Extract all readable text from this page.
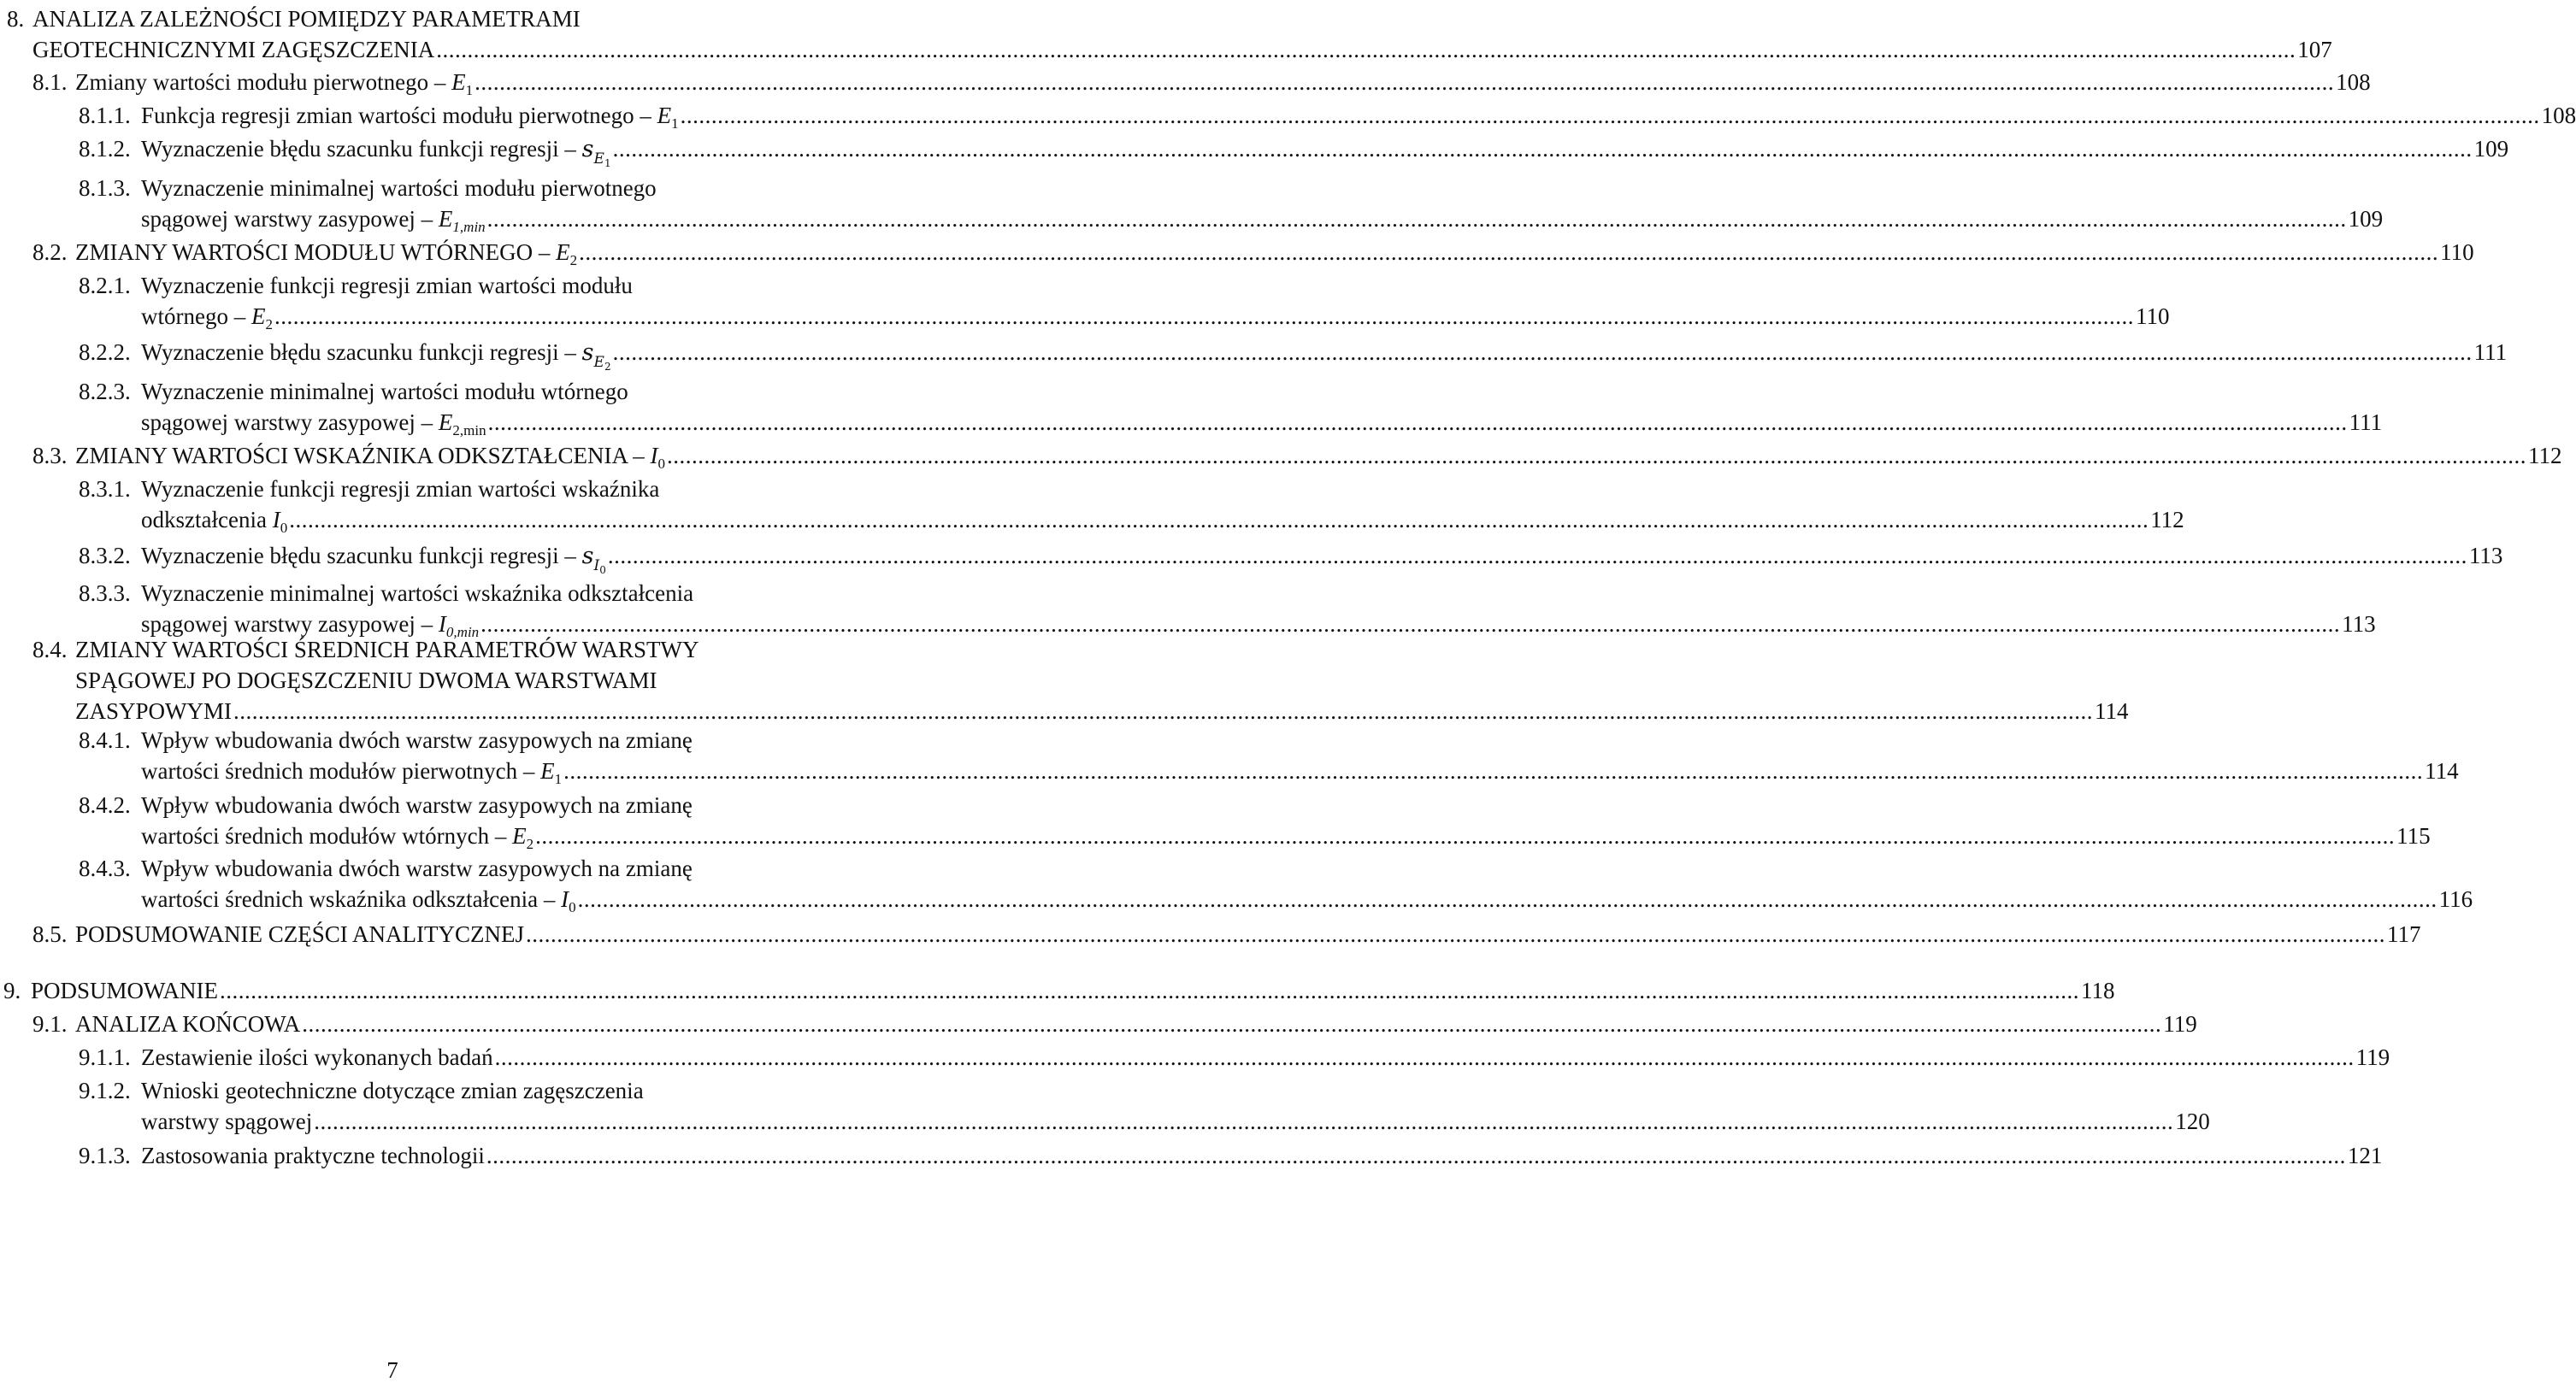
8. ANALIZA ZALEŻNOŚCI POMIĘDZY PARAMETRAMI
GEOTECHNICZNYMI ZAGĘSZCZENIA ............................................................................................................................................................................................................................................................................................................ 107
8.1. Zmiany wartości modułu pierwotnego – $E_1$ ............................................................................................................................................................................................................................................................................................................ 108
8.1.1. Funkcja regresji zmian wartości modułu pierwotnego – $E_1$ ............................................................................................................................................................................................................................................................................................................ 108
8.1.2. Wyznaczenie błędu szacunku funkcji regresji – $s_{E1}$
............................................................................................................................................................................................................................................................................................................ 109
8.1.3. Wyznaczenie minimalnej wartości modułu pierwotnego
spągowej warstwy zasypowej – $E_{1,min}$ ............................................................................................................................................................................................................................................................................................................ 109
8.2. ZMIANY WARTOŚCI MODUŁU WTÓRNEGO – $E_2$ ............................................................................................................................................................................................................................................................................................................ 110
8.2.1. Wyznaczenie funkcji regresji zmian wartości modułu
wtórnego – $E_2$ ............................................................................................................................................................................................................................................................................................................ 110
8.2.2. Wyznaczenie błędu szacunku funkcji regresji – $s_{E2}$
............................................................................................................................................................................................................................................................................................................ 111
8.2.3. Wyznaczenie minimalnej wartości modułu wtórnego
spągowej warstwy zasypowej – $E_{2,min}$ ............................................................................................................................................................................................................................................................................................................ 111
8.3. ZMIANY WARTOŚCI WSKAŹNIKA ODKSZTAŁCENIA – $I_0$ ............................................................................................................................................................................................................................................................................................................ 112
8.3.1. Wyznaczenie funkcji regresji zmian wartości wskaźnika
odkształcenia $I_0$ ............................................................................................................................................................................................................................................................................................................ 112
8.3.2. Wyznaczenie błędu szacunku funkcji regresji – $s_{I0}$
............................................................................................................................................................................................................................................................................................................ 113
8.3.3. Wyznaczenie minimalnej wartości wskaźnika odkształcenia
spągowej warstwy zasypowej – $I_{0,min}$ ............................................................................................................................................................................................................................................................................................................ 113
8.4. ZMIANY WARTOŚCI ŚREDNICH PARAMETRÓW WARSTWY
SPĄGOWEJ PO DOGĘSZCZENIU DWOMA WARSTWAMI
ZASYPOWYMI ............................................................................................................................................................................................................................................................................................................ 114
8.4.1. Wpływ wbudowania dwóch warstw zasypowych na zmianę
wartości średnich modułów pierwotnych – $E_1$ ............................................................................................................................................................................................................................................................................................................ 114
8.4.2. Wpływ wbudowania dwóch warstw zasypowych na zmianę
wartości średnich modułów wtórnych – $E_2$ ............................................................................................................................................................................................................................................................................................................ 115
8.4.3. Wpływ wbudowania dwóch warstw zasypowych na zmianę
wartości średnich wskaźnika odkształcenia – $I_0$ ............................................................................................................................................................................................................................................................................................................ 116
8.5. PODSUMOWANIE CZĘŚCI ANALITYCZNEJ ............................................................................................................................................................................................................................................................................................................ 117
9. PODSUMOWANIE ............................................................................................................................................................................................................................................................................................................ 118
9.1. ANALIZA KOŃCOWA ............................................................................................................................................................................................................................................................................................................ 119
9.1.1. Zestawienie ilości wykonanych badań ............................................................................................................................................................................................................................................................................................................ 119
9.1.2. Wnioski geotechniczne dotyczące zmian zagęszczenia
warstwy spągowej ............................................................................................................................................................................................................................................................................................................ 120
9.1.3. Zastosowania praktyczne technologii ............................................................................................................................................................................................................................................................................................................ 121
7
